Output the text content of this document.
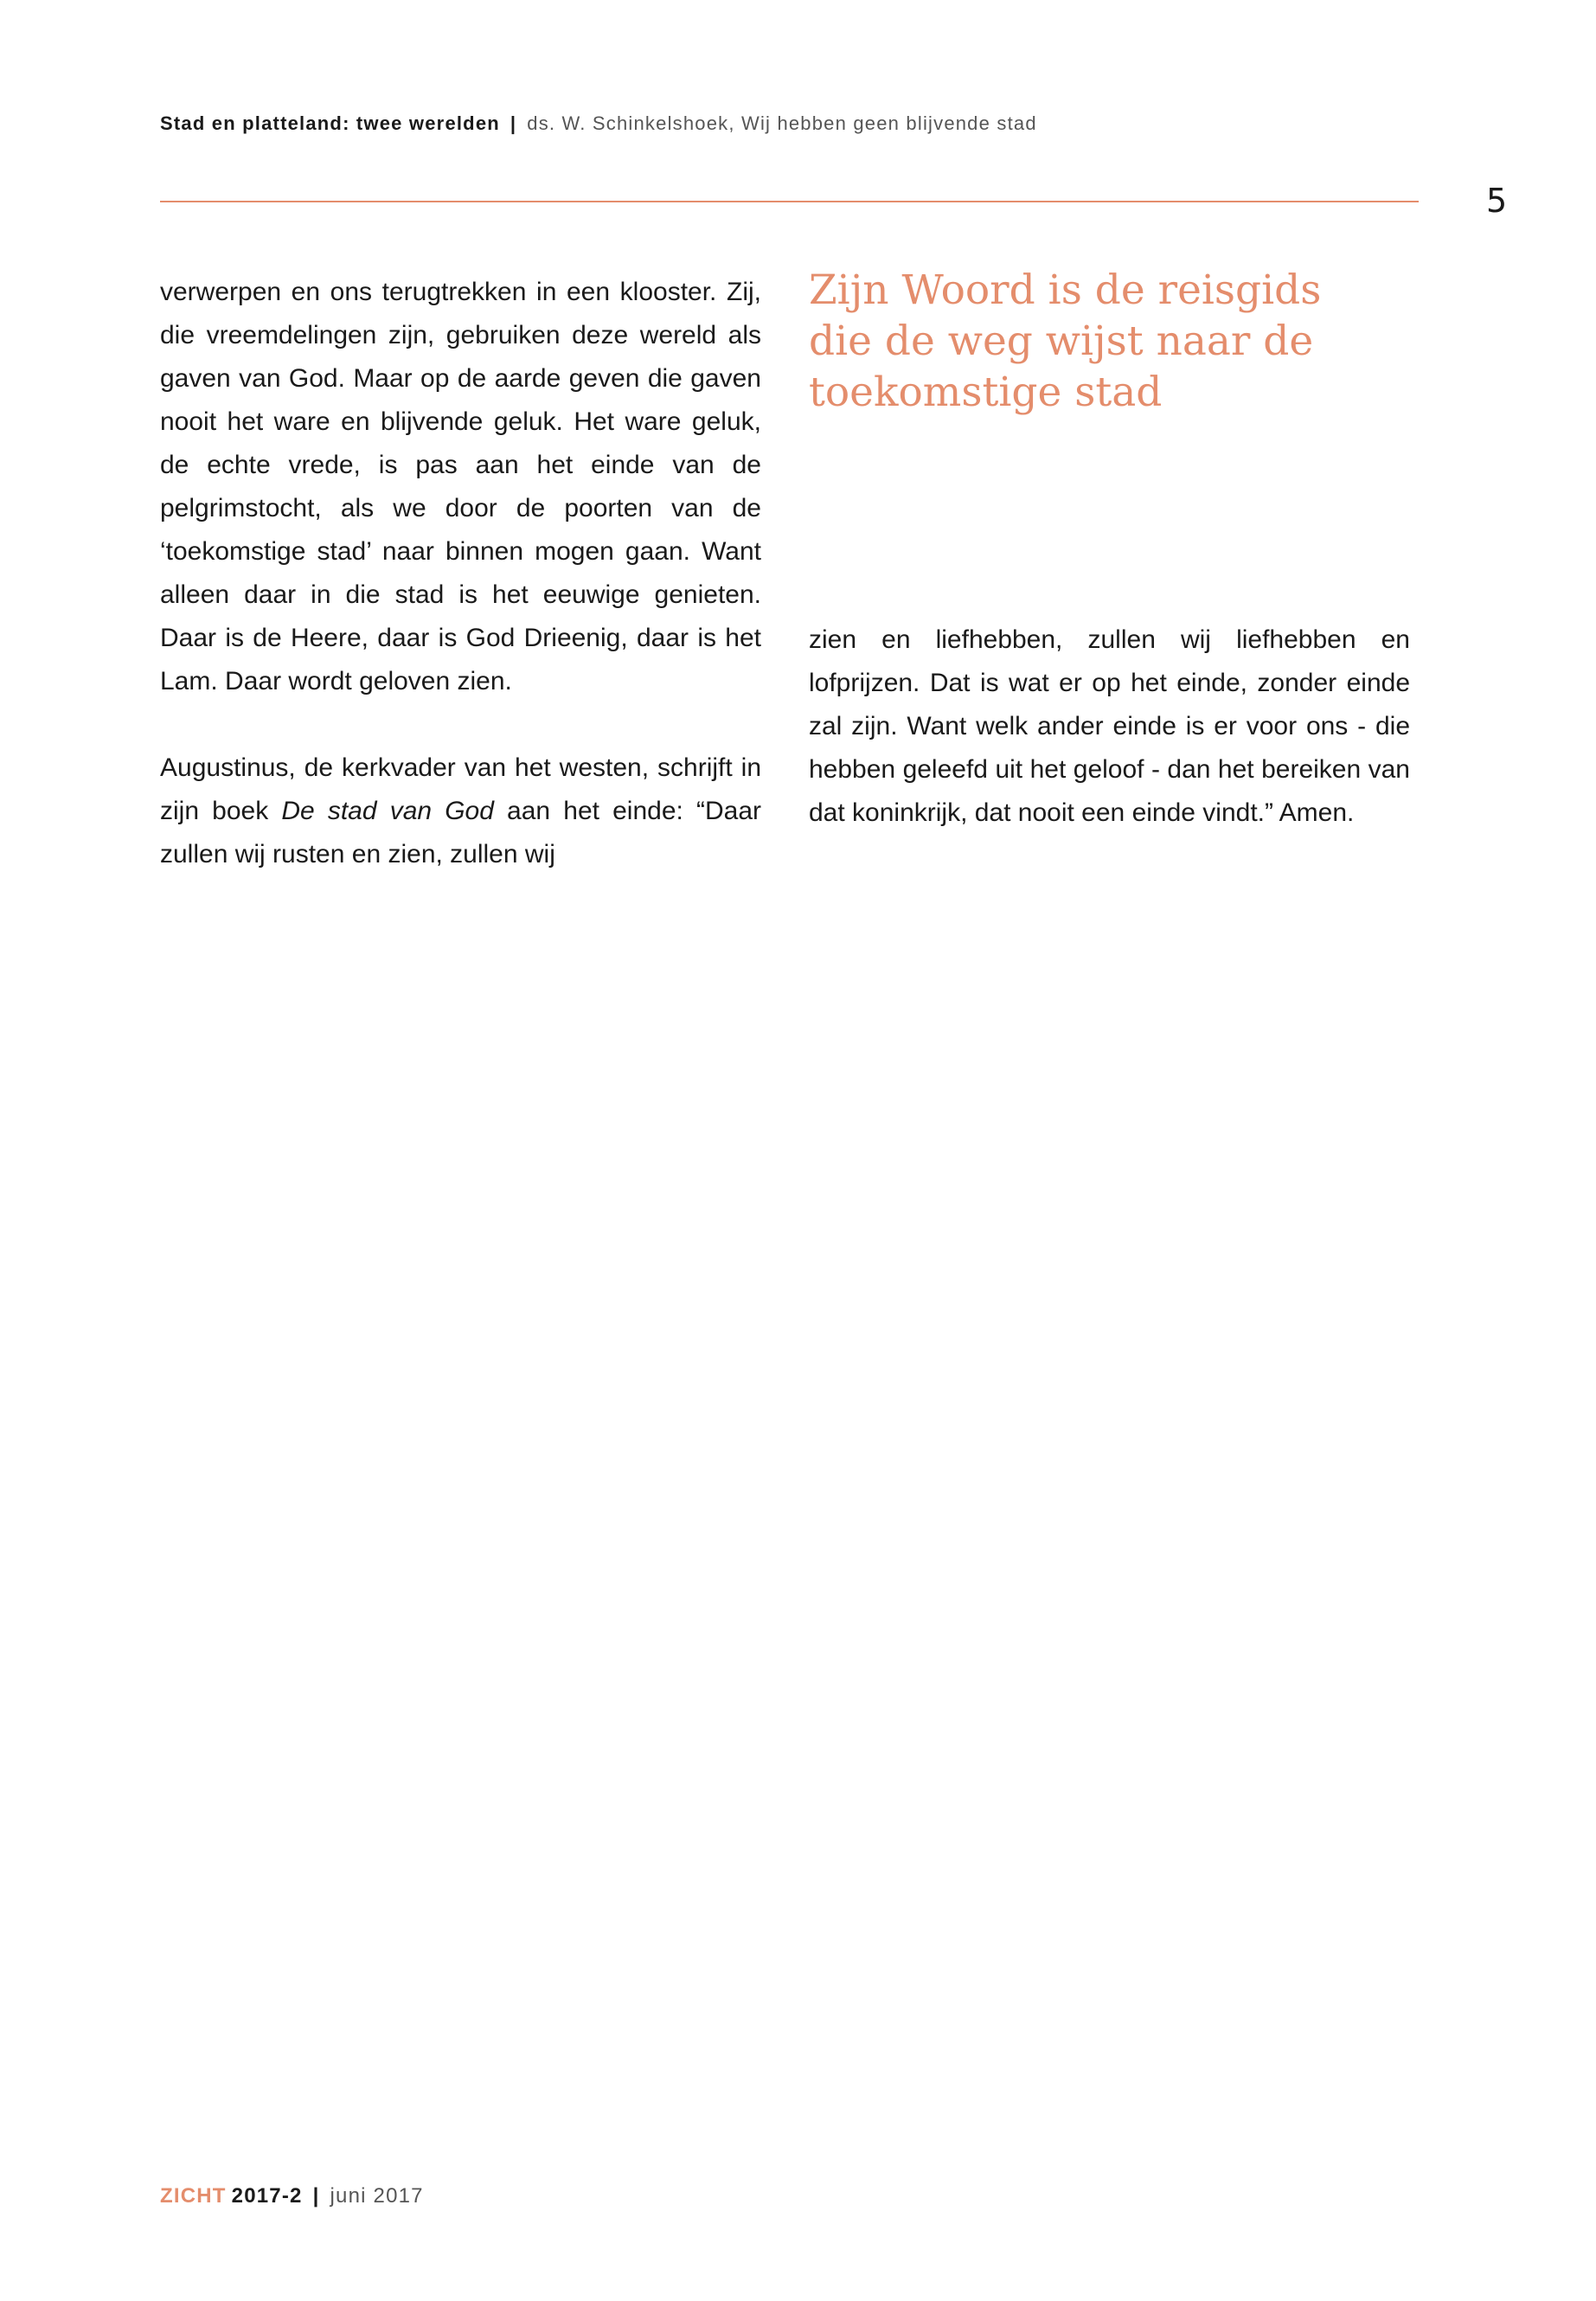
Stad en platteland: twee werelden | ds. W. Schinkelshoek, Wij hebben geen blijvende stad
5

verwerpen en ons terugtrekken in een klooster. Zij, die vreemdelingen zijn, gebruiken deze wereld als gaven van God. Maar op de aarde geven die gaven nooit het ware en blijvende geluk. Het ware geluk, de echte vrede, is pas aan het einde van de pelgrimstocht, als we door de poorten van de ‘toekomstige stad’ naar binnen mogen gaan. Want alleen daar in die stad is het eeuwige genieten. Daar is de Heere, daar is God Drieenig, daar is het Lam. Daar wordt geloven zien.

Augustinus, de kerkvader van het westen, schrijft in zijn boek De stad van God aan het einde: “Daar zullen wij rusten en zien, zullen wij

Zijn Woord is de reisgids
die de weg wijst naar de
toekomstige stad

zien en liefhebben, zullen wij liefhebben en lofprijzen. Dat is wat er op het einde, zonder einde zal zijn. Want welk ander einde is er voor ons - die hebben geleefd uit het geloof - dan het bereiken van dat koninkrijk, dat nooit een einde vindt.” Amen.

ZICHT 2017-2 | juni 2017
